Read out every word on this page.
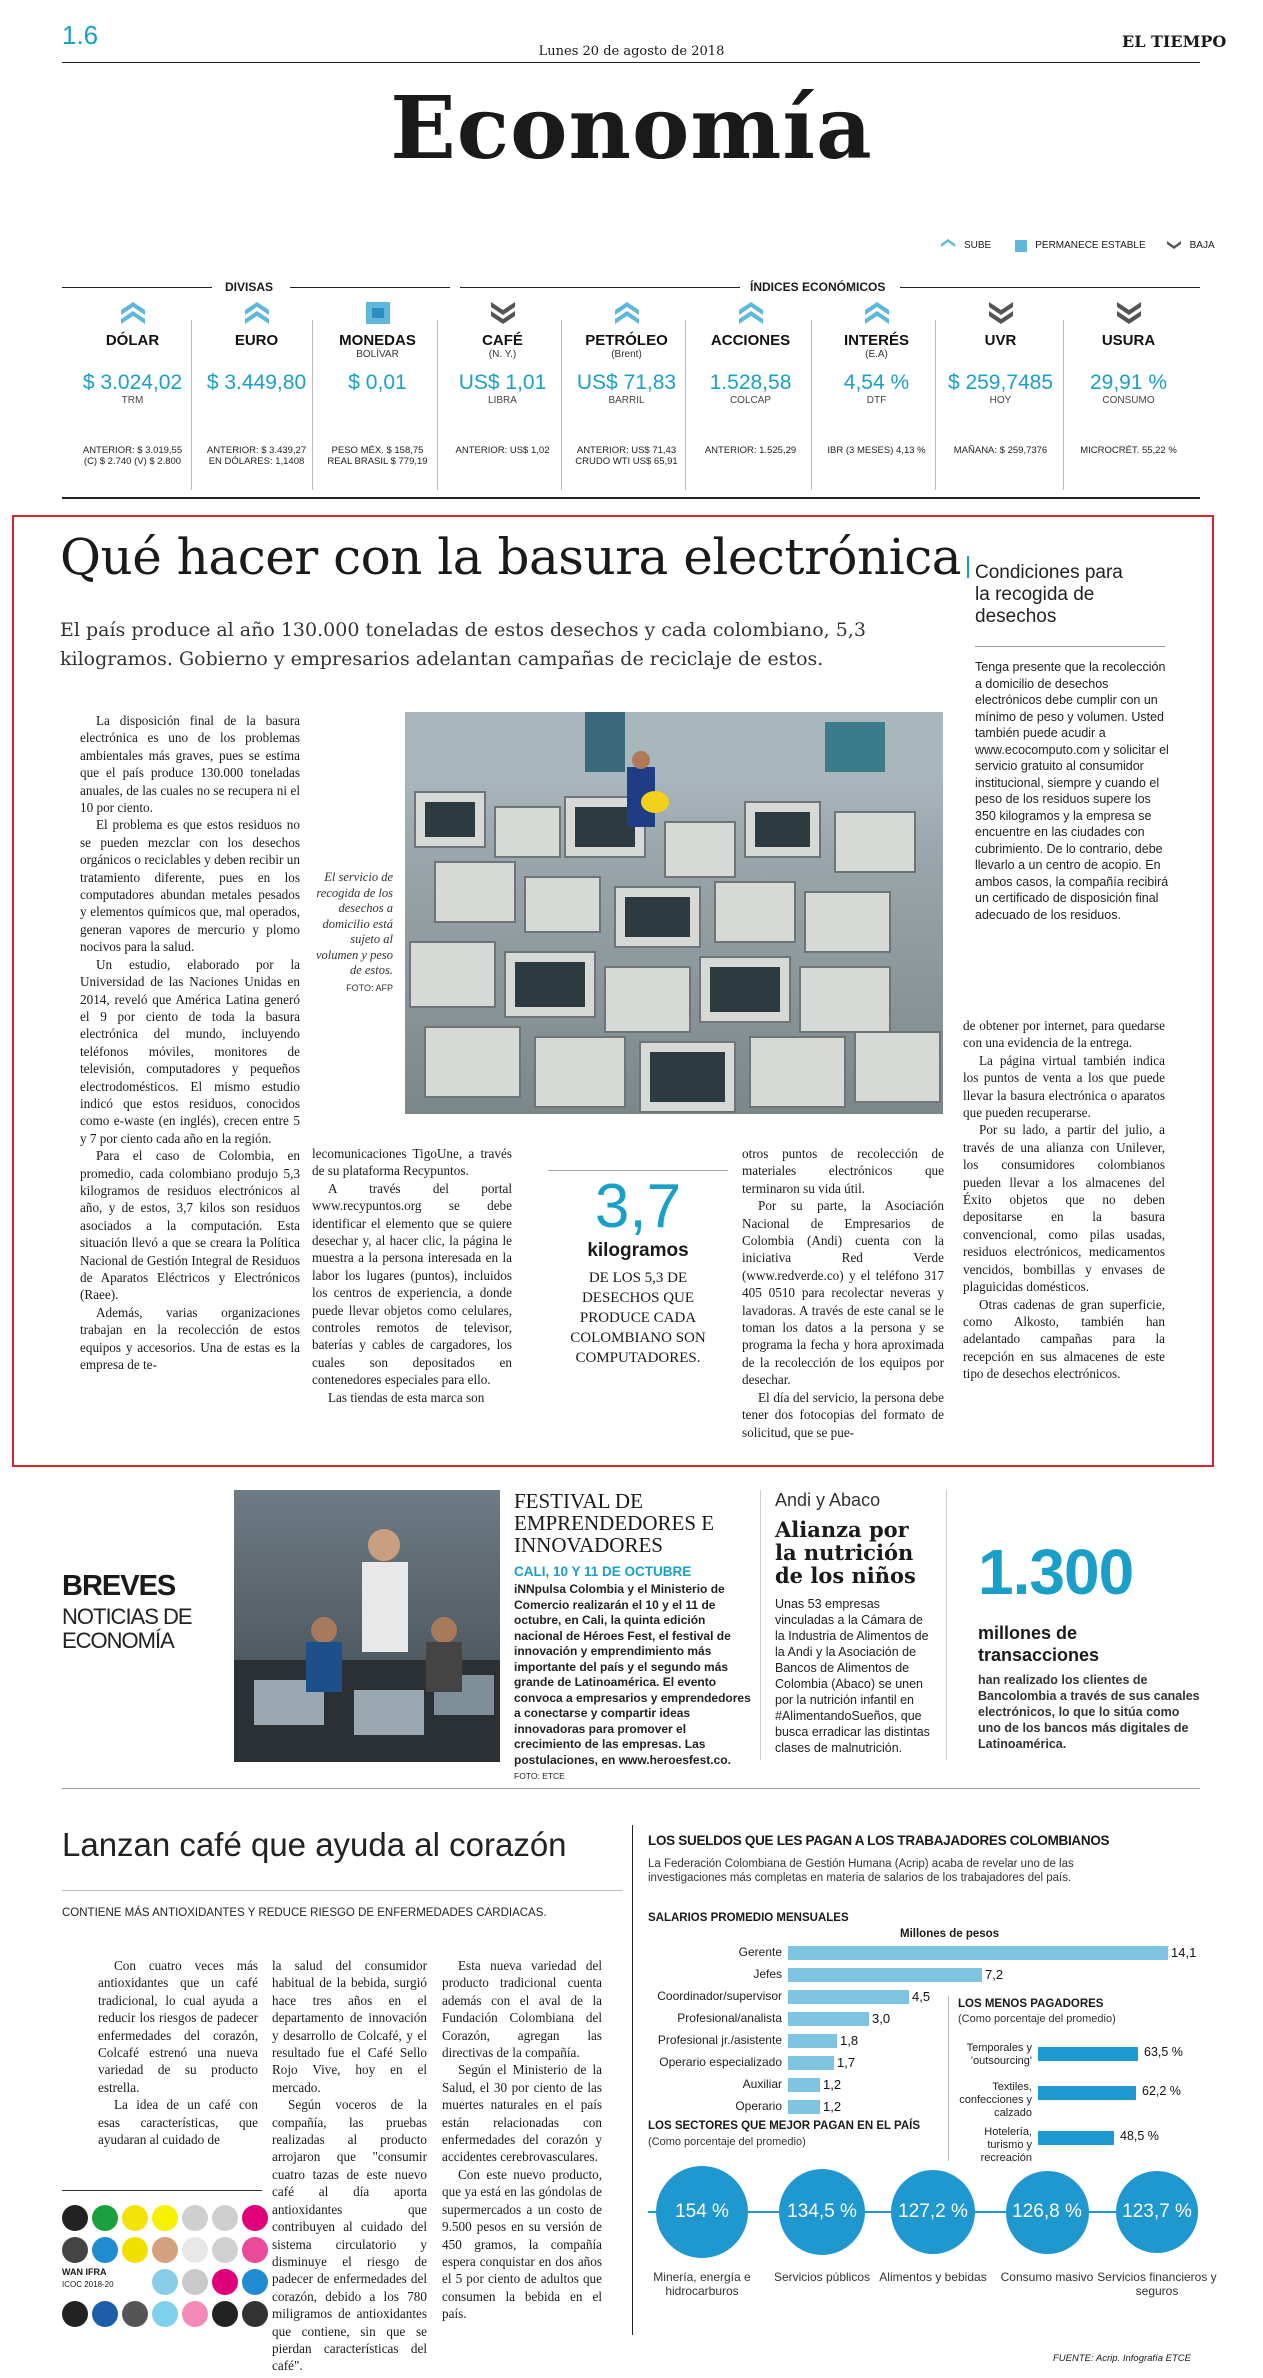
1.6
Lunes 20 de agosto de 2018
EL TIEMPO
Economía
SUBE	PERMANECE ESTABLE	BAJA
DIVISAS	ÍNDICES ECONÓMICOS
DÓLAR
$ 3.024,02
TRM
ANTERIOR: $ 3.019,55
(C) $ 2.740 (V) $ 2.800
EURO
$ 3.449,80
ANTERIOR: $ 3.439,27
EN DÓLARES: 1,1408
MONEDAS
BOLÍVAR
$ 0,01
PESO MÉX. $ 158,75
REAL BRASIL $ 779,19
CAFÉ
(N. Y.)
US$ 1,01
LIBRA
ANTERIOR: US$ 1,02
PETRÓLEO
(Brent)
US$ 71,83
BARRIL
ANTERIOR: US$ 71,43
CRUDO WTI US$ 65,91
ACCIONES
1.528,58
COLCAP
ANTERIOR: 1.525,29
INTERÉS
(E.A)
4,54 %
DTF
IBR (3 MESES) 4,13 %
UVR
$ 259,7485
HOY
MAÑANA: $ 259,7376
USURA
29,91 %
CONSUMO
MICROCRÉT. 55,22 %
Qué hacer con la basura electrónica
El país produce al año 130.000 toneladas de estos desechos y cada colombiano, 5,3 kilogramos. Gobierno y empresarios adelantan campañas de reciclaje de estos.

La disposición final de la basura electrónica es uno de los problemas ambientales más graves, pues se estima que el país produce 130.000 toneladas anuales, de las cuales no se recupera ni el 10 por ciento.

El problema es que estos residuos no se pueden mezclar con los desechos orgánicos o reciclables y deben recibir un tratamiento diferente, pues en los computadores abundan metales pesados y elementos químicos que, mal operados, generan vapores de mercurio y plomo nocivos para la salud.

Un estudio, elaborado por la Universidad de las Naciones Unidas en 2014, reveló que América Latina generó el 9 por ciento de toda la basura electrónica del mundo, incluyendo teléfonos móviles, monitores de televisión, computadores y pequeños electrodomésticos. El mismo estudio indicó que estos residuos, conocidos como e-waste (en inglés), crecen entre 5 y 7 por ciento cada año en la región.

Para el caso de Colombia, en promedio, cada colombiano produjo 5,3 kilogramos de residuos electrónicos al año, y de estos, 3,7 kilos son residuos asociados a la computación. Esta situación llevó a que se creara la Política Nacional de Gestión Integral de Residuos de Aparatos Eléctricos y Electrónicos (Raee).

Además, varias organizaciones trabajan en la recolección de estos equipos y accesorios. Una de estas es la empresa de te-

El servicio de recogida de los desechos a domicilio está sujeto al volumen y peso de estos.
FOTO: AFP

lecomunicaciones TigoUne, a través de su plataforma Recypuntos.

A través del portal www.recypuntos.org se debe identificar el elemento que se quiere desechar y, al hacer clic, la página le muestra a la persona interesada en la labor los lugares (puntos), incluidos los centros de experiencia, a donde puede llevar objetos como celulares, controles remotos de televisor, baterías y cables de cargadores, los cuales son depositados en contenedores especiales para ello.

Las tiendas de esta marca son

3,7
kilogramos
DE LOS 5,3 DE DESECHOS QUE PRODUCE CADA COLOMBIANO SON COMPUTADORES.

otros puntos de recolección de materiales electrónicos que terminaron su vida útil.

Por su parte, la Asociación Nacional de Empresarios de Colombia (Andi) cuenta con la iniciativa Red Verde (www.redverde.co) y el teléfono 317 405 0510 para recolectar neveras y lavadoras. A través de este canal se le toman los datos a la persona y se programa la fecha y hora aproximada de la recolección de los equipos por desechar.

El día del servicio, la persona debe tener dos fotocopias del formato de solicitud, que se pue-

de obtener por internet, para quedarse con una evidencia de la entrega.

La página virtual también indica los puntos de venta a los que puede llevar la basura electrónica o aparatos que pueden recuperarse.

Por su lado, a partir del julio, a través de una alianza con Unilever, los consumidores colombianos pueden llevar a los almacenes del Éxito objetos que no deben depositarse en la basura convencional, como pilas usadas, residuos electrónicos, medicamentos vencidos, bombillas y envases de plaguicidas domésticos.

Otras cadenas de gran superficie, como Alkosto, también han adelantado campañas para la recepción en sus almacenes de este tipo de desechos electrónicos.

Condiciones para la recogida de desechos
Tenga presente que la recolección a domicilio de desechos electrónicos debe cumplir con un mínimo de peso y volumen. Usted también puede acudir a www.ecocomputo.com y solicitar el servicio gratuito al consumidor institucional, siempre y cuando el peso de los residuos supere los 350 kilogramos y la empresa se encuentre en las ciudades con cubrimiento. De lo contrario, debe llevarlo a un centro de acopio. En ambos casos, la compañía recibirá un certificado de disposición final adecuado de los residuos.
BREVES
NOTICIAS DE ECONOMÍA
FESTIVAL DE EMPRENDEDORES E INNOVADORES
CALI, 10 Y 11 DE OCTUBRE
iNNpulsa Colombia y el Ministerio de Comercio realizarán el 10 y el 11 de octubre, en Cali, la quinta edición nacional de Héroes Fest, el festival de innovación y emprendimiento más importante del país y el segundo más grande de Latinoamérica. El evento convoca a empresarios y emprendedores a conectarse y compartir ideas innovadoras para promover el crecimiento de las empresas. Las postulaciones, en www.heroesfest.co. FOTO: ETCE
Andi y Abaco
Alianza por la nutrición de los niños
Unas 53 empresas vinculadas a la Cámara de la Industria de Alimentos de la Andi y la Asociación de Bancos de Alimentos de Colombia (Abaco) se unen por la nutrición infantil en #AlimentandoSueños, que busca erradicar las distintas clases de malnutrición.
1.300
millones de transacciones
han realizado los clientes de Bancolombia a través de sus canales electrónicos, lo que lo sitúa como uno de los bancos más digitales de Latinoamérica.
Lanzan café que ayuda al corazón
CONTIENE MÁS ANTIOXIDANTES Y REDUCE RIESGO DE ENFERMEDADES CARDIACAS.

Con cuatro veces más antioxidantes que un café tradicional, lo cual ayuda a reducir los riesgos de padecer enfermedades del corazón, Colcafé estrenó una nueva variedad de su producto estrella.

La idea de un café con esas características, que ayudaran al cuidado de

la salud del consumidor habitual de la bebida, surgió hace tres años en el departamento de innovación y desarrollo de Colcafé, y el resultado fue el Café Sello Rojo Vive, hoy en el mercado.

Según voceros de la compañía, las pruebas realizadas al producto arrojaron que "consumir cuatro tazas de este nuevo café al día aporta antioxidantes que contribuyen al cuidado del sistema circulatorio y disminuye el riesgo de padecer de enfermedades del corazón, debido a los 780 miligramos de antioxidantes que contiene, sin que se pierdan características del café".

Esta nueva variedad del producto tradicional cuenta además con el aval de la Fundación Colombiana del Corazón, agregan las directivas de la compañía.

Según el Ministerio de la Salud, el 30 por ciento de las muertes naturales en el país están relacionadas con enfermedades del corazón y accidentes cerebrovasculares.

Con este nuevo producto, que ya está en las góndolas de supermercados a un costo de 9.500 pesos en su versión de 450 gramos, la compañía espera conquistar en dos años el 5 por ciento de adultos que consumen la bebida en el país.

WAN IFRA
ICOC 2018-20
LOS SUELDOS QUE LES PAGAN A LOS TRABAJADORES COLOMBIANOS
La Federación Colombiana de Gestión Humana (Acrip) acaba de revelar uno de las investigaciones más completas en materia de salarios de los trabajadores del país.
SALARIOS PROMEDIO MENSUALES
Millones de pesos
Gerente	14,1
Jefes	7,2
Coordinador/supervisor	4,5
Profesional/analista	3,0
Profesional jr./asistente	1,8
Operario especializado	1,7
Auxiliar	1,2
Operario	1,2
LOS MENOS PAGADORES
(Como porcentaje del promedio)
Temporales y 'outsourcing'
63,5 %
Textiles, confecciones y calzado
62,2 %
Hotelería, turismo y recreación
48,5 %
LOS SECTORES QUE MEJOR PAGAN EN EL PAÍS
(Como porcentaje del promedio)
154 %
Minería, energía e hidrocarburos
134,5 %
Servicios públicos
127,2 %
Alimentos y bebidas
126,8 %
Consumo masivo
123,7 %
Servicios financieros y seguros
FUENTE: Acrip. Infografía ETCE
